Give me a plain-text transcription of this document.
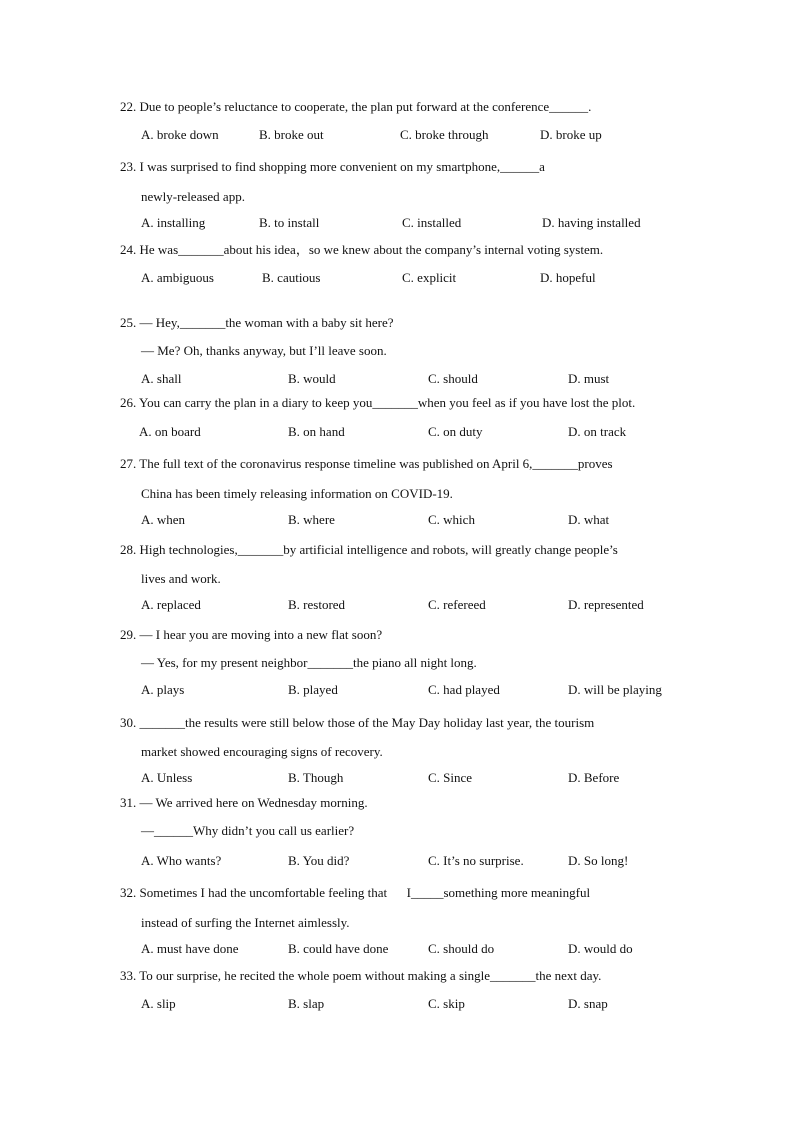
22. Due to people’s reluctance to cooperate, the plan put forward at the conference______.
A. broke down	B. broke out	C. broke through	D. broke up
23. I was surprised to find shopping more convenient on my smartphone,______a
newly-released app.
A. installing	B. to install	C. installed	D. having installed
24. He was_______about his idea，so we knew about the company’s internal voting system.
A. ambiguous	B. cautious	C. explicit	D. hopeful
25. — Hey,_______the woman with a baby sit here?
— Me? Oh, thanks anyway, but I’ll leave soon.
A. shall	B. would	C. should	D. must
26. You can carry the plan in a diary to keep you_______when you feel as if you have lost the plot.
A. on board	B. on hand	C. on duty	D. on track
27. The full text of the coronavirus response timeline was published on April 6,_______proves
China has been timely releasing information on COVID-19.
A. when	B. where	C. which	D. what
28. High technologies,_______by artificial intelligence and robots, will greatly change people’s
lives and work.
A. replaced	B. restored	C. refereed	D. represented
29. — I hear you are moving into a new flat soon?
— Yes, for my present neighbor_______the piano all night long.
A. plays	B. played	C. had played	D. will be playing
30. _______the results were still below those of the May Day holiday last year, the tourism
market showed encouraging signs of recovery.
A. Unless	B. Though	C. Since	D. Before
31. — We arrived here on Wednesday morning.
—______Why didn’t you call us earlier?
A. Who wants?	B. You did?	C. It’s no surprise.	D. So long!
32. Sometimes I had the uncomfortable feeling that      I_____something more meaningful
instead of surfing the Internet aimlessly.
A. must have done	B. could have done	C. should do	D. would do
33. To our surprise, he recited the whole poem without making a single_______the next day.
A. slip	B. slap	C. skip	D. snap
